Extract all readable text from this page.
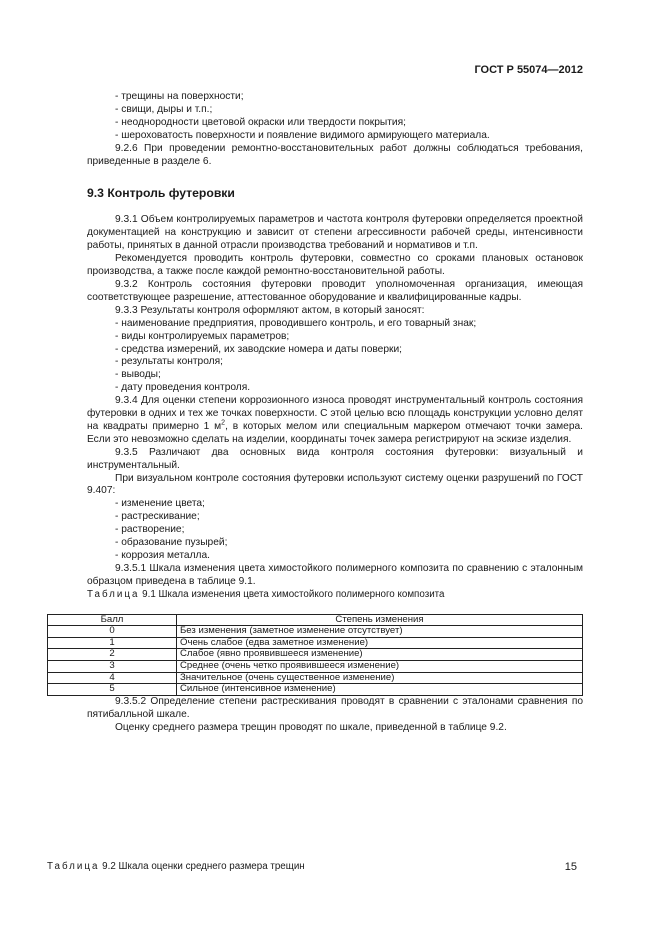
ГОСТ Р 55074—2012

- трещины на поверхности;

- свищи, дыры и т.п.;

- неоднородности цветовой окраски или твердости покрытия;

- шероховатость поверхности и появление видимого армирующего материала.

9.2.6 При проведении ремонтно-восстановительных работ должны соблюдаться требования, приведенные в разделе 6.

9.3 Контроль футеровки

9.3.1 Объем контролируемых параметров и частота контроля футеровки определяется проектной документацией на конструкцию и зависит от степени агрессивности рабочей среды, интенсивности работы, принятых в данной отрасли производства требований и нормативов и т.п.

Рекомендуется проводить контроль футеровки, совместно со сроками плановых остановок производства, а также после каждой ремонтно-восстановительной работы.

9.3.2 Контроль состояния футеровки проводит уполномоченная организация, имеющая соответствующее разрешение, аттестованное оборудование и квалифицированные кадры.

9.3.3 Результаты контроля оформляют актом, в который заносят:

- наименование предприятия, проводившего контроль, и его товарный знак;

- виды контролируемых параметров;

- средства измерений, их заводские номера и даты поверки;

- результаты контроля;

- выводы;

- дату проведения контроля.

9.3.4 Для оценки степени коррозионного износа проводят инструментальный контроль состояния футеровки в одних и тех же точках поверхности. С этой целью всю площадь конструкции условно делят на квадраты примерно 1 $м^2$, в которых мелом или специальным маркером отмечают точки замера. Если это невозможно сделать на изделии, координаты точек замера регистрируют на эскизе изделия.

9.3.5 Различают два основных вида контроля состояния футеровки: визуальный и инструментальный.

При визуальном контроле состояния футеровки используют систему оценки разрушений по ГОСТ 9.407:

- изменение цвета;

- растрескивание;

- растворение;

- образование пузырей;

- коррозия металла.

9.3.5.1 Шкала изменения цвета химостойкого полимерного композита по сравнению с эталонным образцом приведена в таблице 9.1.

Таблица 9.1 Шкала изменения цвета химостойкого полимерного композита

Балл	Степень изменения
0	Без изменения (заметное изменение отсутствует)
1	Очень слабое (едва заметное изменение)
2	Слабое (явно проявившееся изменение)
3	Среднее (очень четко проявившееся изменение)
4	Значительное (очень существенное изменение)
5	Сильное (интенсивное изменение)

9.3.5.2 Определение степени растрескивания проводят в сравнении с эталонами сравнения по пятибалльной шкале.

Оценку среднего размера трещин проводят по шкале, приведенной в таблице 9.2.

Таблица 9.2 Шкала оценки среднего размера трещин	15
